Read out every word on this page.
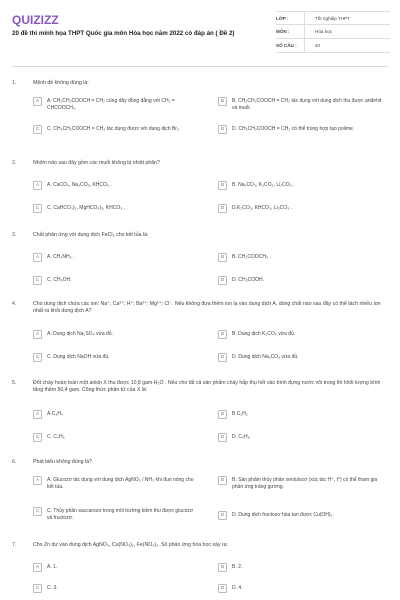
QUIZIZZ
20 đề thi minh họa THPT Quốc gia môn Hóa học năm 2022 có đáp án ( Đề 2)
LỚP :	Tốt nghiệp THPT
MÔN :	Hóa học
SỐ CÂU :	40
1.	Mệnh đề không đúng là:
A	A. CH₃CH₂COOCH = CH₂ cùng dãy đồng đẳng với CH₂ = CHCOOCH₃.
B	B. CH₃CH₂COOCH = CH₂ tác dụng với dung dịch thu được anđehit và muối.
C	C. CH₃CH₂COOCH = CH₂ tác dụng được với dung dịch Br₂.	D	D. CH₃CH₂COOCH = CH₂ có thể trùng hợp tạo polime.
2.	Nhóm nào sau đây gồm các muối không bị nhiệt phân?
A	A. CaCO₃, Na₂CO₃, KHCO₃ .	B	B. Na₂CO₃, K₂CO₃, Li₂CO₃ .
C	C. CaHCO₃)₂, MgHCO₃)₂, KHCO₃ .	D	D.K₂CO₃, KHCO₃, Li₂CO₃ .
3.	Chất phản ứng với dung dịch FeCl₃ cho kết tủa là:
A	A. CH₃NH₂ .	B	B. CH₃COOCH₃ .
C	C. CH₃OH.	D	D. CH₃COOH.
4.	Cho dung dịch chứa các ion: Na⁺, Ca²⁺; H⁺; Ba²⁺; Mg²⁺; Cl⁻. Nếu không đưa thêm ion lạ vào dung dịch A, dùng chất nào sau đây có thể tách nhiều ion nhất ra khỏi dung dịch A?
A	A. Dung dịch Na₂SO₄ vừa đủ.	B	B. Dung dịch K₂CO₃ vừa đủ.
C	C. Dung dịch NaOH vừa đủ.	D	D. Dung dịch Na₂CO₃ vừa đủ.
5.	Đốt cháy hoàn toàn một ankin X thu được 10,8 gam H₂O . Nếu cho tất cả sản phẩm cháy hấp thụ hết vào bình đựng nước vôi trong thì khối lượng bình tăng thêm 50,4 gam. Công thức phân tử của X là:
A	A.C₃H₄	B	B.C₂H₂
C	C. C₄H₆	D	D. C₅H₈
6.	Phát biểu không đúng là?
A	A. Glucozơ tác dụng với dung dịch AgNO₃ / NH₃ khi đun nóng cho kết tủa.
B	B. Sản phẩm thủy phân xenlulozơ (xúc tác H⁺, t°) có thể tham gia phản ứng tráng gương.
C	C. Thủy phân saccarozơ trong môi trường kiềm thu được glucozơ và fructozơ.
D	D. Dung dịch fructozơ hòa tan được Cu(OH)₂.
7.	Cho Zn dư vào dung dịch AgNO₃, Cu(NO₃)₂, Fe(NO₃)₂. Số phản ứng hóa học xảy ra:
A	A. 1.	B	B. 2.
C	C. 3.	D	D. 4.
